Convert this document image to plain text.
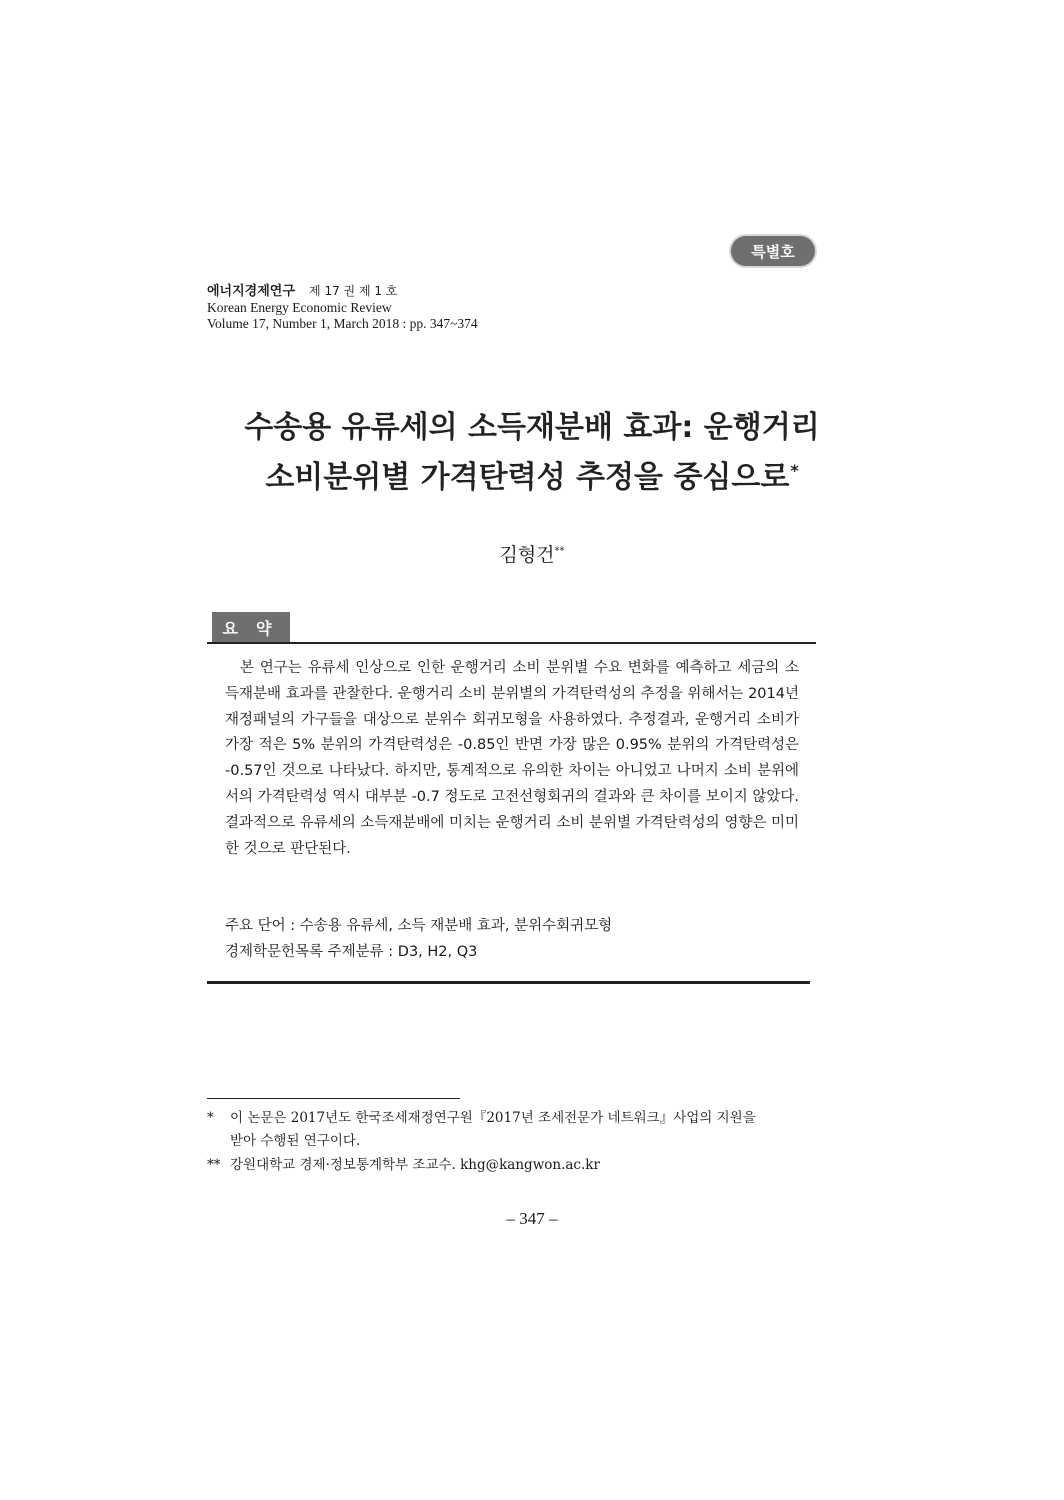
특별호
에너지경제연구 제 17 권 제 1 호
Korean Energy Economic Review
Volume 17, Number 1, March 2018 : pp. 347~374
수송용 유류세의 소득재분배 효과: 운행거리
소비분위별 가격탄력성 추정을 중심으로*
김형건**
요약

본 연구는 유류세 인상으로 인한 운행거리 소비 분위별 수요 변화를 예측하고 세금의 소득재분배 효과를 관찰한다. 운행거리 소비 분위별의 가격탄력성의 추정을 위해서는 2014년 재정패널의 가구들을 대상으로 분위수 회귀모형을 사용하였다. 추정결과, 운행거리 소비가 가장 적은 5% 분위의 가격탄력성은 -0.85인 반면 가장 많은 0.95% 분위의 가격탄력성은 -0.57인 것으로 나타났다. 하지만, 통계적으로 유의한 차이는 아니었고 나머지 소비 분위에서의 가격탄력성 역시 대부분 -0.7 정도로 고전선형회귀의 결과와 큰 차이를 보이지 않았다. 결과적으로 유류세의 소득재분배에 미치는 운행거리 소비 분위별 가격탄력성의 영향은 미미한 것으로 판단된다.

주요 단어 : 수송용 유류세, 소득 재분배 효과, 분위수회귀모형
경제학문헌목록 주제분류 : D3, H2, Q3
* 이 논문은 2017년도 한국조세재정연구원『2017년 조세전문가 네트워크』사업의 지원을
받아 수행된 연구이다.
** 강원대학교 경제·정보통계학부 조교수. khg@kangwon.ac.kr
– 347 –
